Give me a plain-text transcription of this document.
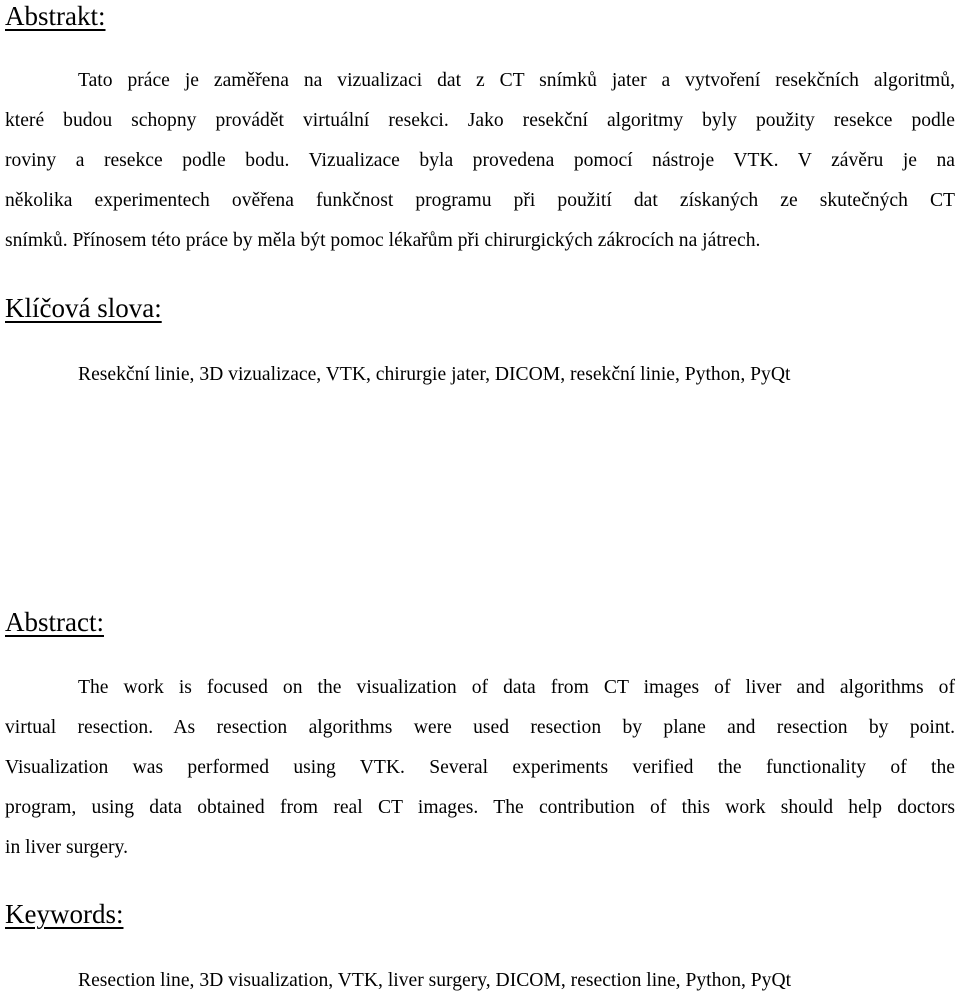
Abstrakt:
Tato práce je zaměřena na vizualizaci dat z CT snímků jater a vytvoření resekčních algoritmů,
které budou schopny provádět virtuální resekci. Jako resekční algoritmy byly použity resekce podle
roviny a resekce podle bodu. Vizualizace byla provedena pomocí nástroje VTK. V závěru je na
několika experimentech ověřena funkčnost programu při použití dat získaných ze skutečných CT
snímků. Přínosem této práce by měla být pomoc lékařům při chirurgických zákrocích na játrech.
Klíčová slova:

Resekční linie, 3D vizualizace, VTK, chirurgie jater, DICOM, resekční linie, Python, PyQt

Abstract:
The work is focused on the visualization of data from CT images of liver and algorithms of
virtual resection. As resection algorithms were used resection by plane and resection by point.
Visualization was performed using VTK. Several experiments verified the functionality of the
program, using data obtained from real CT images. The contribution of this work should help doctors
in liver surgery.
Keywords:

Resection line, 3D visualization, VTK, liver surgery, DICOM, resection line, Python, PyQt
